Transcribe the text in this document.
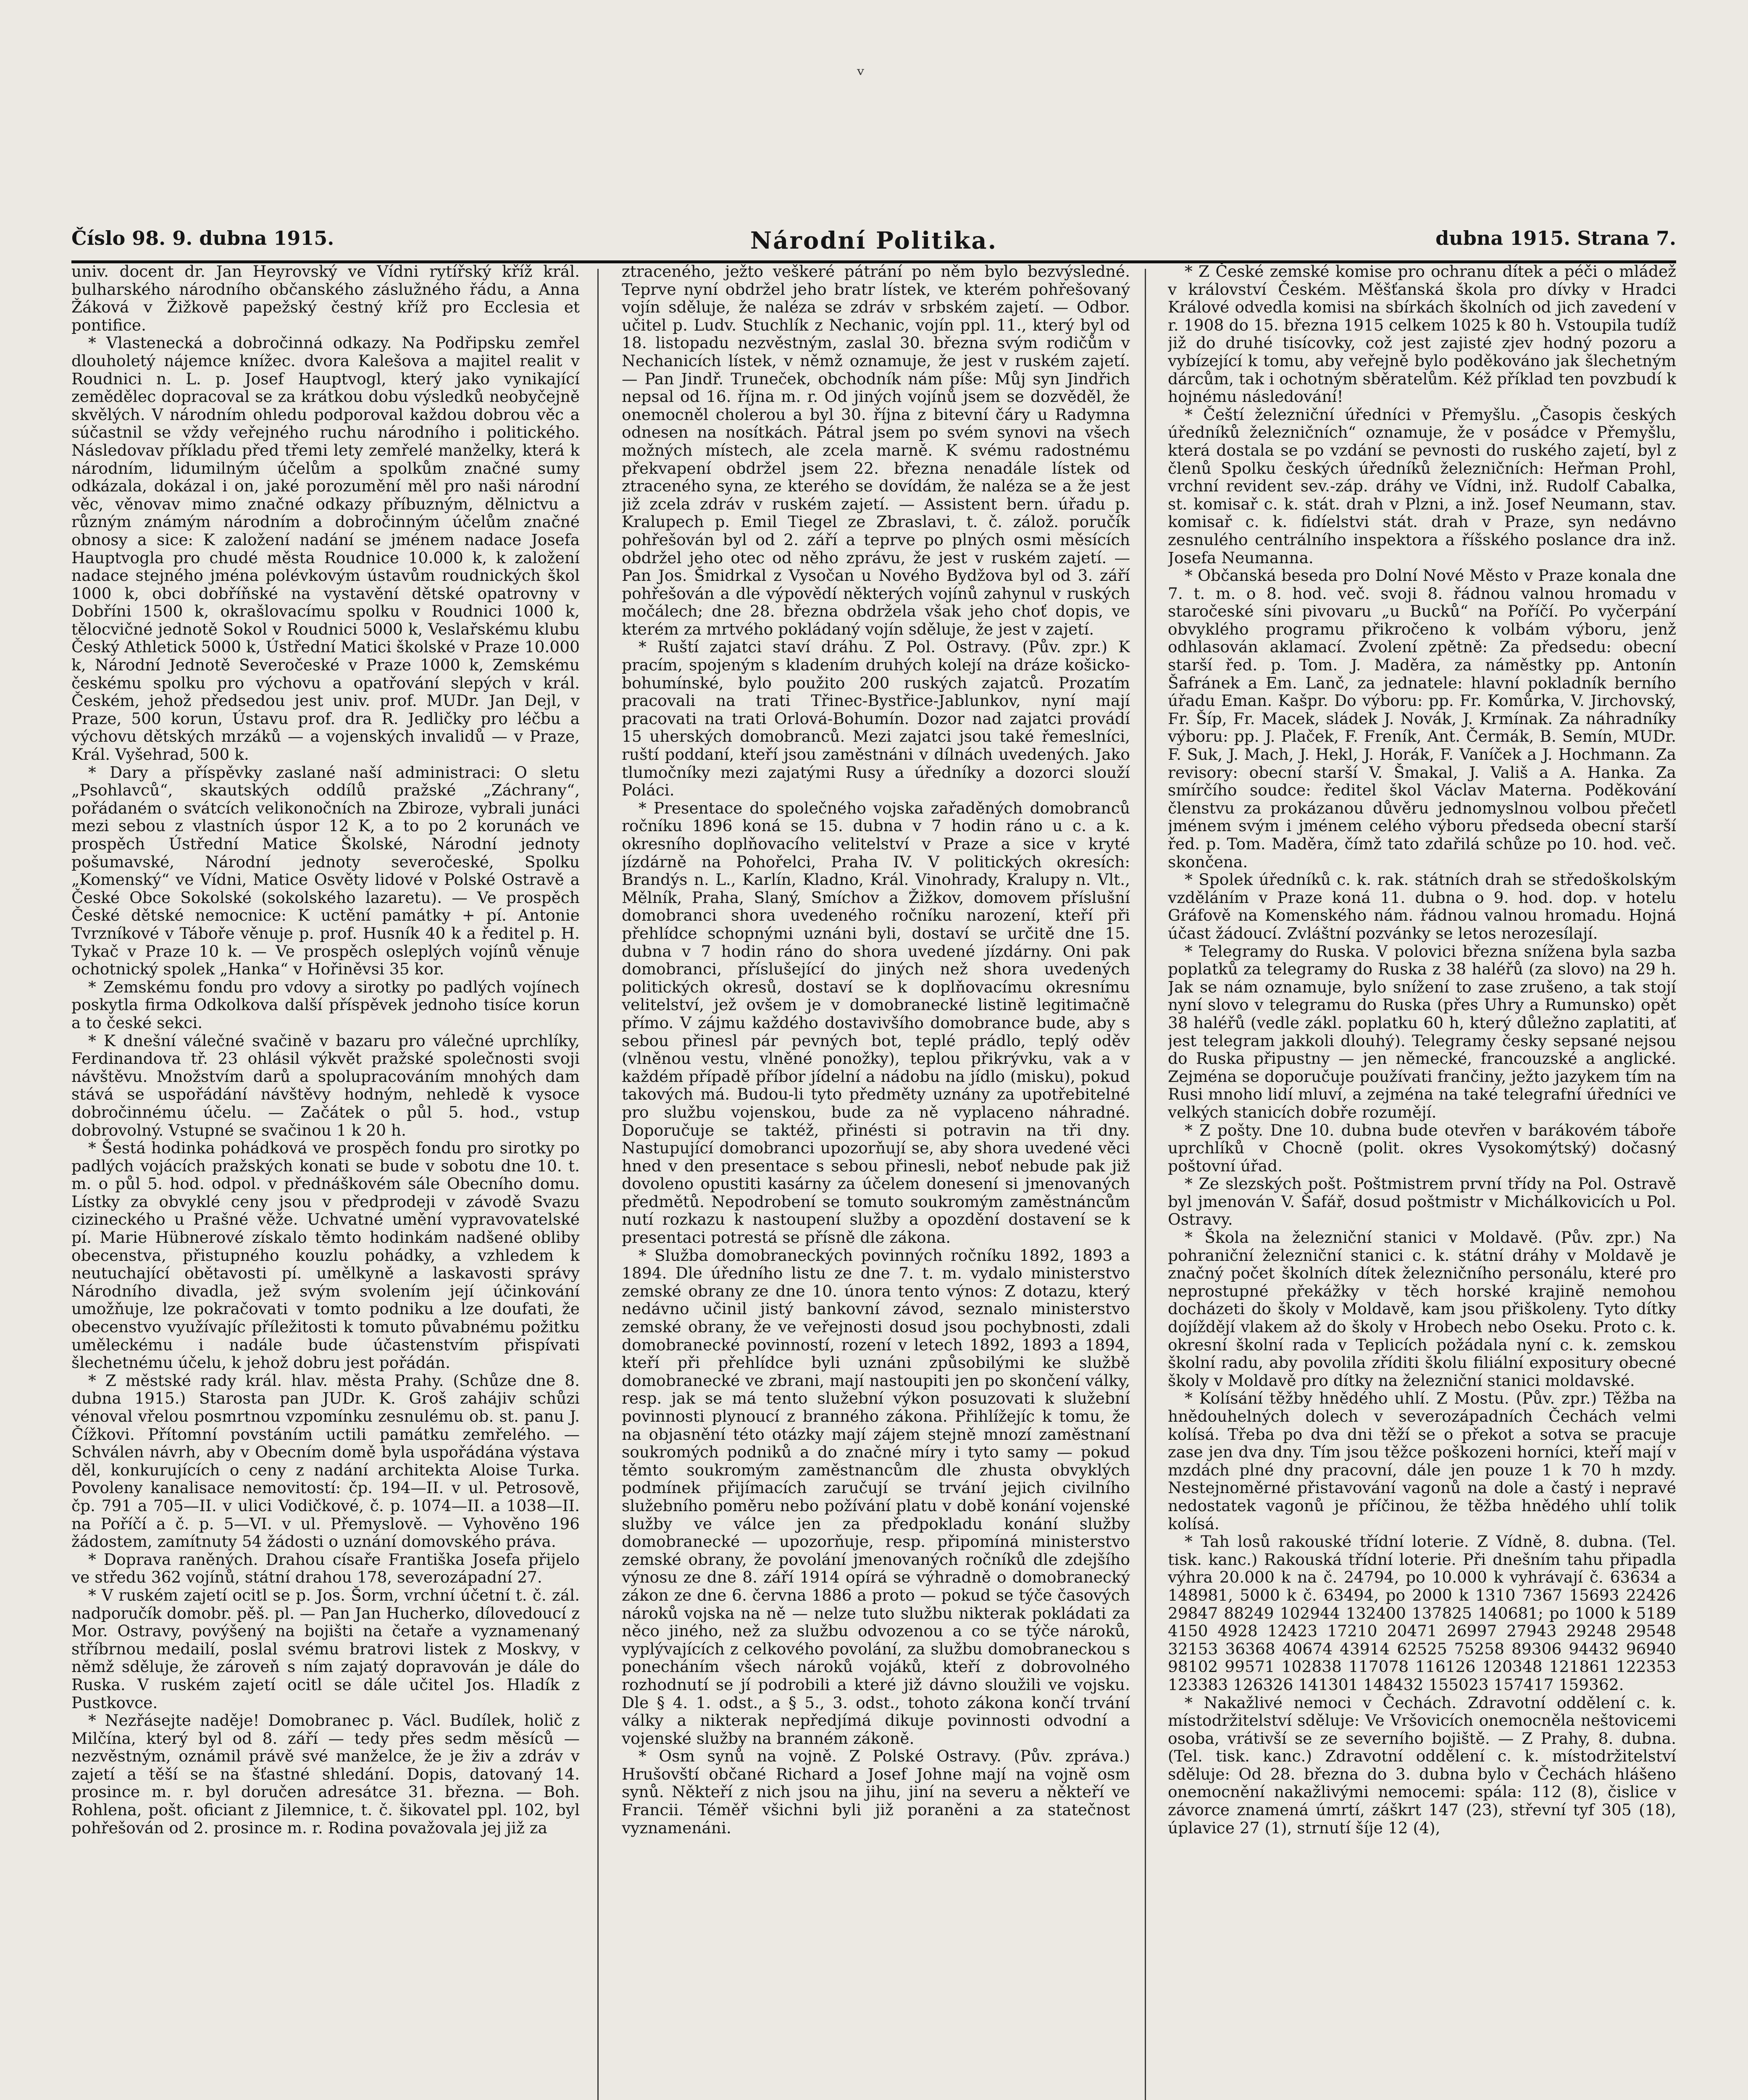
ᵛ
Číslo 98. 9. dubna 1915.	Národní Politika.	dubna 1915. Strana 7.

univ. docent dr. Jan Heyrovský ve Vídni rytířský kříž král. bulharského národního občanského záslužného řádu, a Anna Žáková v Žižkově papežský čestný kříž pro Ecclesia et pontifice.

* Vlastenecká a dobročinná odkazy. Na Podřipsku zemřel dlouholetý nájemce knížec. dvora Kalešova a majitel realit v Roudnici n. L. p. Josef Hauptvogl, který jako vynikající zemědělec dopracoval se za krátkou dobu výsledků neobyčejně skvělých. V národním ohledu podporoval každou dobrou věc a súčastnil se vždy veřejného ruchu národního i politického. Následovav příkladu před třemi lety zemřelé manželky, která k národním, lidumilným účelům a spolkům značné sumy odkázala, dokázal i on, jaké porozumění měl pro naši národní věc, věnovav mimo značné odkazy příbuzným, dělnictvu a různým známým národním a dobročinným účelům značné obnosy a sice: K založení nadání se jménem nadace Josefa Hauptvogla pro chudé města Roudnice 10.000 k, k založení nadace stejného jména polévkovým ústavům roudnických škol 1000 k, obci dobříňské na vystavění dětské opatrovny v Dobříni 1500 k, okrašlovacímu spolku v Roudnici 1000 k, tělocvičné jednotě Sokol v Roudnici 5000 k, Veslařskému klubu Český Athletick 5000 k, Ústřední Matici školské v Praze 10.000 k, Národní Jednotě Severočeské v Praze 1000 k, Zemskému českému spolku pro výchovu a opatřování slepých v král. Českém, jehož předsedou jest univ. prof. MUDr. Jan Dejl, v Praze, 500 korun, Ústavu prof. dra R. Jedličky pro léčbu a výchovu dětských mrzáků — a vojenských invalidů — v Praze, Král. Vyšehrad, 500 k.

* Dary a příspěvky zaslané naší administraci: O sletu „Psohlavců“, skautských oddílů pražské „Záchrany“, pořádaném o svátcích velikonočních na Zbiroze, vybrali junáci mezi sebou z vlastních úspor 12 K, a to po 2 korunách ve prospěch Ústřední Matice Školské, Národní jednoty pošumavské, Národní jednoty severočeské, Spolku „Komenský“ ve Vídni, Matice Osvěty lidové v Polské Ostravě a České Obce Sokolské (sokolského lazaretu). — Ve prospěch České dětské nemocnice: K uctění památky + pí. Antonie Tvrzníkové v Táboře věnuje p. prof. Husník 40 k a ředitel p. H. Tykač v Praze 10 k. — Ve prospěch osleplých vojínů věnuje ochotnický spolek „Hanka“ v Hořiněvsi 35 kor.

* Zemskému fondu pro vdovy a sirotky po padlých vojínech poskytla firma Odkolkova další příspěvek jednoho tisíce korun a to české sekci.

* K dnešní válečné svačině v bazaru pro válečné uprchlíky, Ferdinandova tř. 23 ohlásil výkvět pražské společnosti svoji návštěvu. Množstvím darů a spolupracováním mnohých dam stává se uspořádání návštěvy hodným, nehledě k vysoce dobročinnému účelu. — Začátek o půl 5. hod., vstup dobrovolný. Vstupné se svačinou 1 k 20 h.

* Šestá hodinka pohádková ve prospěch fondu pro sirotky po padlých vojácích pražských konati se bude v sobotu dne 10. t. m. o půl 5. hod. odpol. v přednáškovém sále Obecního domu. Lístky za obvyklé ceny jsou v předprodeji v závodě Svazu cizineckého u Prašné věže. Uchvatné umění vypravovatelské pí. Marie Hübnerové získalo těmto hodinkám nadšené obliby obecenstva, přistupného kouzlu pohádky, a vzhledem k neutuchající obětavosti pí. umělkyně a laskavosti správy Národního divadla, jež svým svolením její účinkování umožňuje, lze pokračovati v tomto podniku a lze doufati, že obecenstvo využívajíc příležitosti k tomuto půvabnému požitku uměleckému i nadále bude účastenstvím přispívati šlechetnému účelu, k jehož dobru jest pořádán.

* Z městské rady král. hlav. města Prahy. (Schůze dne 8. dubna 1915.) Starosta pan JUDr. K. Groš zahájiv schůzi vénoval vřelou posmrtnou vzpomínku zesnulému ob. st. panu J. Čížkovi. Přítomní povstáním uctili památku zemřelého. — Schválen návrh, aby v Obecním domě byla uspořádána výstava děl, konkurujících o ceny z nadání architekta Aloise Turka. Povoleny kanalisace nemovitostí: čp. 194—II. v ul. Petrosově, čp. 791 a 705—II. v ulici Vodičkové, č. p. 1074—II. a 1038—II. na Poříčí a č. p. 5—VI. v ul. Přemyslově. — Vyhověno 196 žádostem, zamítnuty 54 žádosti o uznání domovského práva.

* Doprava raněných. Drahou císaře Františka Josefa přijelo ve středu 362 vojínů, státní drahou 178, severozápadní 27.

* V ruském zajetí ocitl se p. Jos. Šorm, vrchní účetní t. č. zál. nadporučík domobr. pěš. pl. — Pan Jan Hucherko, dílovedoucí z Mor. Ostravy, povýšený na bojišti na četaře a vyznamenaný stříbrnou medailí, poslal svému bratrovi listek z Moskvy, v němž sděluje, že zároveň s ním zajatý dopravován je dále do Ruska. V ruském zajetí ocitl se dále učitel Jos. Hladík z Pustkovce.

* Nezřásejte naděje! Domobranec p. Václ. Budílek, holič z Milčína, který byl od 8. září — tedy přes sedm měsíců — nezvěstným, oznámil právě své manželce, že je živ a zdráv v zajetí a těší se na šťastné shledání. Dopis, datovaný 14. prosince m. r. byl doručen adresátce 31. března. — Boh. Rohlena, pošt. oficiant z Jilemnice, t. č. šikovatel ppl. 102, byl pohřešován od 2. prosince m. r. Rodina považovala jej již za

ztraceného, ježto veškeré pátrání po něm bylo bezvýsledné. Teprve nyní obdržel jeho bratr lístek, ve kterém pohřešovaný vojín sděluje, že naléza se zdráv v srbském zajetí. — Odbor. učitel p. Ludv. Stuchlík z Nechanic, vojín ppl. 11., který byl od 18. listopadu nezvěstným, zaslal 30. března svým rodičům v Nechanicích lístek, v němž oznamuje, že jest v ruském zajetí. — Pan Jindř. Truneček, obchodník nám píše: Můj syn Jindřich nepsal od 16. října m. r. Od jiných vojínů jsem se dozvěděl, že onemocněl cholerou a byl 30. října z bitevní čáry u Radymna odnesen na nosítkách. Pátral jsem po svém synovi na všech možných místech, ale zcela marně. K svému radostnému překvapení obdržel jsem 22. března nenadále lístek od ztraceného syna, ze kterého se dovídám, že naléza se a že jest již zcela zdráv v ruském zajetí. — Assistent bern. úřadu p. Kralupech p. Emil Tiegel ze Zbraslavi, t. č. zálož. poručík pohřešován byl od 2. září a teprve po plných osmi měsících obdržel jeho otec od něho zprávu, že jest v ruském zajetí. — Pan Jos. Šmidrkal z Vysočan u Nového Bydžova byl od 3. září pohřešován a dle výpovědí některých vojínů zahynul v ruských močálech; dne 28. března obdržela však jeho choť dopis, ve kterém za mrtvého pokládaný vojín sděluje, že jest v zajetí.

* Ruští zajatci staví dráhu. Z Pol. Ostravy. (Pův. zpr.) K pracím, spojeným s kladením druhých kolejí na dráze košicko-bohumínské, bylo použito 200 ruských zajatců. Prozatím pracovali na trati Třinec-Bystřice-Jablunkov, nyní mají pracovati na trati Orlová-Bohumín. Dozor nad zajatci provádí 15 uherských domobranců. Mezi zajatci jsou také řemeslníci, ruští poddaní, kteří jsou zaměstnáni v dílnách uvedených. Jako tlumočníky mezi zajatými Rusy a úředníky a dozorci slouží Poláci.

* Presentace do společného vojska zařaděných domobranců ročníku 1896 koná se 15. dubna v 7 hodin ráno u c. a k. okresního doplňovacího velitelství v Praze a sice v kryté jízdárně na Pohořelci, Praha IV. V politických okresích: Brandýs n. L., Karlín, Kladno, Král. Vinohrady, Kralupy n. Vlt., Mělník, Praha, Slaný, Smíchov a Žižkov, domovem příslušní domobranci shora uvedeného ročníku narození, kteří při přehlídce schopnými uznáni byli, dostaví se určitě dne 15. dubna v 7 hodin ráno do shora uvedené jízdárny. Oni pak domobranci, příslušející do jiných než shora uvedených politických okresů, dostaví se k doplňovacímu okresnímu velitelství, jež ovšem je v domobranecké listině legitimačně přímo. V zájmu každého dostavivšího domobrance bude, aby s sebou přinesl pár pevných bot, teplé prádlo, teplý oděv (vlněnou vestu, vlněné ponožky), teplou přikrývku, vak a v každém případě příbor jídelní a nádobu na jídlo (misku), pokud takových má. Budou-li tyto předměty uznány za upotřebitelné pro službu vojenskou, bude za ně vyplaceno náhradné. Doporučuje se taktéž, přinésti si potravin na tři dny. Nastupující domobranci upozorňují se, aby shora uvedené věci hned v den presentace s sebou přinesli, neboť nebude pak již dovoleno opustiti kasárny za účelem donesení si jmenovaných předmětů. Nepodrobení se tomuto soukromým zaměstnáncům nutí rozkazu k nastoupení služby a opozdění dostavení se k presentaci potrestá se přísně dle zákona.

* Služba domobraneckých povinných ročníku 1892, 1893 a 1894. Dle úředního listu ze dne 7. t. m. vydalo ministerstvo zemské obrany ze dne 10. února tento výnos: Z dotazu, který nedávno učinil jistý bankovní závod, seznalo ministerstvo zemské obrany, že ve veřejnosti dosud jsou pochybnosti, zdali domobranecké povinností, rození v letech 1892, 1893 a 1894, kteří při přehlídce byli uznáni způsobilými ke službě domobranecké ve zbrani, mají nastoupiti jen po skončení války, resp. jak se má tento služební výkon posuzovati k služební povinnosti plynoucí z branného zákona. Přihlížejíc k tomu, že na objasnění této otázky mají zájem stejně mnozí zaměstnaní soukromých podniků a do značné míry i tyto samy — pokud těmto soukromým zaměstnancům dle zhusta obvyklých podmínek přijímacích zaručují se trvání jejich civilního služebního poměru nebo požívání platu v době konání vojenské služby ve válce jen za předpokladu konání služby domobranecké — upozorňuje, resp. připomíná ministerstvo zemské obrany, že povolání jmenovaných ročníků dle zdejšího výnosu ze dne 8. září 1914 opírá se výhradně o domobranecký zákon ze dne 6. června 1886 a proto — pokud se týče časových nároků vojska na ně — nelze tuto službu nikterak pokládati za něco jiného, než za službu odvozenou a co se týče nároků, vyplývajících z celkového povolání, za službu domobraneckou s ponecháním všech nároků vojáků, kteří z dobrovolného rozhodnutí se jí podrobili a které již dávno sloužili ve vojsku. Dle § 4. 1. odst., a § 5., 3. odst., tohoto zákona končí trvání války a nikterak nepředjímá dikuje povinnosti odvodní a vojenské služby na branném zákoně.

* Osm synů na vojně. Z Polské Ostravy. (Pův. zpráva.) Hrušovští občané Richard a Josef Johne mají na vojně osm synů. Někteří z nich jsou na jihu, jiní na severu a někteří ve Francii. Téměř všichni byli již poraněni a za statečnost vyznamenáni.

* Z České zemské komise pro ochranu dítek a péči o mládež v království Českém. Měšťanská škola pro dívky v Hradci Králové odvedla komisi na sbírkách školních od jich zavedení v r. 1908 do 15. března 1915 celkem 1025 k 80 h. Vstoupila tudíž již do druhé tisícovky, což jest zajisté zjev hodný pozoru a vybízející k tomu, aby veřejně bylo poděkováno jak šlechetným dárcům, tak i ochotným sběratelům. Kéž příklad ten povzbudí k hojnému následování!

* Čeští železniční úředníci v Přemyšlu. „Časopis českých úředníků železničních“ oznamuje, že v posádce v Přemyšlu, která dostala se po vzdání se pevnosti do ruského zajetí, byl z členů Spolku českých úředníků železničních: Heřman Prohl, vrchní revident sev.-záp. dráhy ve Vídni, inž. Rudolf Cabalka, st. komisař c. k. stát. drah v Plzni, a inž. Josef Neumann, stav. komisař c. k. fidíelstvi stát. drah v Praze, syn nedávno zesnulého centrálního inspektora a říšského poslance dra inž. Josefa Neumanna.

* Občanská beseda pro Dolní Nové Město v Praze konala dne 7. t. m. o 8. hod. več. svoji 8. řádnou valnou hromadu v staročeské síni pivovaru „u Bucků“ na Poříčí. Po vyčerpání obvyklého programu přikročeno k volbám výboru, jenž odhlasován aklamací. Zvolení zpětně: Za předsedu: obecní starší řed. p. Tom. J. Maděra, za náměstky pp. Antonín Šafránek a Em. Lanč, za jednatele: hlavní pokladník berního úřadu Eman. Kašpr. Do výboru: pp. Fr. Komůrka, V. Jirchovský, Fr. Šíp, Fr. Macek, sládek J. Novák, J. Krmínak. Za náhradníky výboru: pp. J. Plaček, F. Freník, Ant. Čermák, B. Semín, MUDr. F. Suk, J. Mach, J. Hekl, J. Horák, F. Vaníček a J. Hochmann. Za revisory: obecní starší V. Šmakal, J. Vališ a A. Hanka. Za smírčího soudce: ředitel škol Václav Materna. Poděkování členstvu za prokázanou důvěru jednomyslnou volbou přečetl jménem svým i jménem celého výboru předseda obecní starší řed. p. Tom. Maděra, čímž tato zdařilá schůze po 10. hod. več. skončena.

* Spolek úředníků c. k. rak. státních drah se středoškolským vzděláním v Praze koná 11. dubna o 9. hod. dop. v hotelu Gráfově na Komenského nám. řádnou valnou hromadu. Hojná účast žádoucí. Zvláštní pozvánky se letos nerozesílají.

* Telegramy do Ruska. V polovici března snížena byla sazba poplatků za telegramy do Ruska z 38 haléřů (za slovo) na 29 h. Jak se nám oznamuje, bylo snížení to zase zrušeno, a tak stojí nyní slovo v telegramu do Ruska (přes Uhry a Rumunsko) opět 38 haléřů (vedle zákl. poplatku 60 h, který důležno zaplatiti, ať jest telegram jakkoli dlouhý). Telegramy česky sepsané nejsou do Ruska připustny — jen německé, francouzské a anglické. Zejména se doporučuje používati frančiny, ježto jazykem tím na Rusi mnoho lidí mluví, a zejména na také telegrafní úředníci ve velkých stanicích dobře rozumějí.

* Z pošty. Dne 10. dubna bude otevřen v barákovém táboře uprchlíků v Chocně (polit. okres Vysokomýtský) dočasný poštovní úřad.

* Ze slezských pošt. Poštmistrem první třídy na Pol. Ostravě byl jmenován V. Šafář, dosud poštmistr v Michálkovicích u Pol. Ostravy.

* Škola na železniční stanici v Moldavě. (Pův. zpr.) Na pohraniční železniční stanici c. k. státní dráhy v Moldavě je značný počet školních dítek železničního personálu, které pro neprostupné překážky v těch horské krajině nemohou docházeti do školy v Moldavě, kam jsou přiškoleny. Tyto dítky dojíždějí vlakem až do školy v Hrobech nebo Oseku. Proto c. k. okresní školní rada v Teplicích požádala nyní c. k. zemskou školní radu, aby povolila zříditi školu filiální expositury obecné školy v Moldavě pro dítky na železniční stanici moldavské.

* Kolísání těžby hnědého uhlí. Z Mostu. (Pův. zpr.) Těžba na hnědouhelných dolech v severozápadních Čechách velmi kolísá. Třeba po dva dni těží se o překot a sotva se pracuje zase jen dva dny. Tím jsou těžce poškozeni horníci, kteří mají v mzdách plné dny pracovní, dále jen pouze 1 k 70 h mzdy. Nestejnoměrné přistavování vagonů na dole a častý i nepravé nedostatek vagonů je příčinou, že těžba hnědého uhlí tolik kolísá.

* Tah losů rakouské třídní loterie. Z Vídně, 8. dubna. (Tel. tisk. kanc.) Rakouská třídní loterie. Při dnešním tahu připadla výhra 20.000 k na č. 24794, po 10.000 k vyhrávají č. 63634 a 148981, 5000 k č. 63494, po 2000 k 1310 7367 15693 22426 29847 88249 102944 132400 137825 140681; po 1000 k 5189 4150 4928 12423 17210 20471 26997 27943 29248 29548 32153 36368 40674 43914 62525 75258 89306 94432 96940 98102 99571 102838 117078 116126 120348 121861 122353 123383 126326 141301 148432 155023 157417 159362.

* Nakažlivé nemoci v Čechách. Zdravotní oddělení c. k. místodržitelství sděluje: Ve Vršovicích onemocněla neštovicemi osoba, vrátivší se ze severního bojiště. — Z Prahy, 8. dubna. (Tel. tisk. kanc.) Zdravotní oddělení c. k. místodržitelství sděluje: Od 28. března do 3. dubna bylo v Čechách hlášeno onemocnění nakažlivými nemocemi: spála: 112 (8), čislice v závorce znamená úmrtí, záškrt 147 (23), střevní tyf 305 (18), úplavice 27 (1), strnutí šíje 12 (4),
